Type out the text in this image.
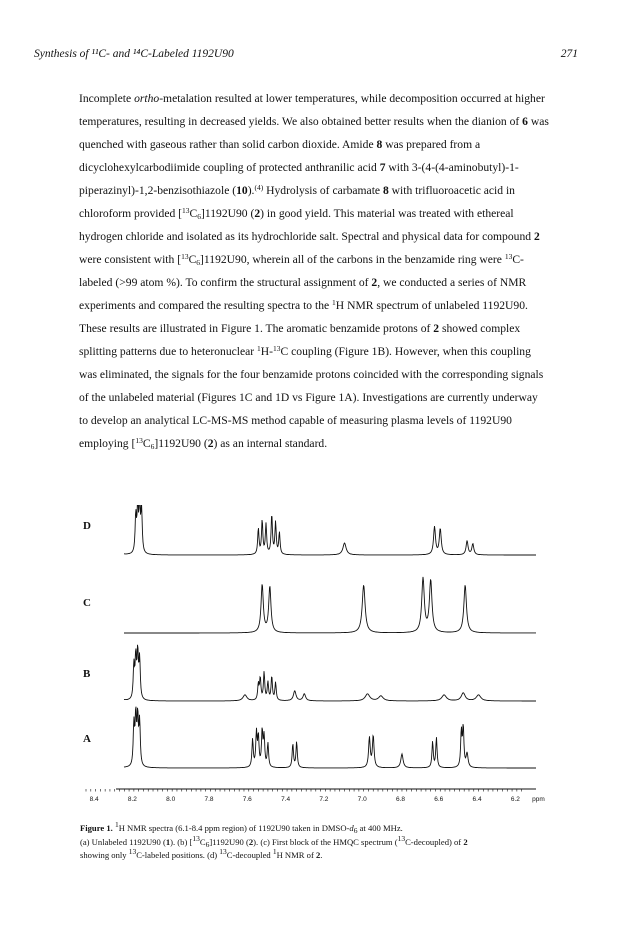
Synthesis of ¹¹C- and ¹⁴C-Labeled 1192U90	271

Incomplete ortho-metalation resulted at lower temperatures, while decomposition occurred at higher temperatures, resulting in decreased yields. We also obtained better results when the dianion of 6 was quenched with gaseous rather than solid carbon dioxide. Amide 8 was prepared from a dicyclohexylcarbodiimide coupling of protected anthranilic acid 7 with 3-(4-(4-aminobutyl)-1-piperazinyl)-1,2-benzisothiazole (10).$^{(4)}$ Hydrolysis of carbamate 8 with trifluoroacetic acid in chloroform provided $[^{13}C_6]1192U90$ (2) in good yield. This material was treated with ethereal hydrogen chloride and isolated as its hydrochloride salt. Spectral and physical data for compound 2 were consistent with $[^{13}C_6]1192U90$, wherein all of the carbons in the benzamide ring were $^{13}$C-labeled (>99 atom %). To confirm the structural assignment of 2, we conducted a series of NMR experiments and compared the resulting spectra to the $^1$H NMR spectrum of unlabeled 1192U90. These results are illustrated in Figure 1. The aromatic benzamide protons of 2 showed complex splitting patterns due to heteronuclear $^1$H-$^{13}$C coupling (Figure 1B). However, when this coupling was eliminated, the signals for the four benzamide protons coincided with the corresponding signals of the unlabeled material (Figures 1C and 1D vs Figure 1A). Investigations are currently underway to develop an analytical LC-MS-MS method capable of measuring plasma levels of 1192U90 employing $[^{13}C_6]1192U90$ (2) as an internal standard.

D
C
B
A
8.4	8.2	8.0	7.8	7.6	7.4	7.2	7.0	6.8	6.6	6.4	6.2 ppm

Figure 1. $^1$H NMR spectra (6.1-8.4 ppm region) of 1192U90 taken in DMSO-$d_6$ at 400 MHz.

(a) Unlabeled 1192U90 (1). (b) $[^{13}C_6]1192U90$ (2). (c) First block of the HMQC spectrum ($^{13}$C-decoupled) of 2

showing only $^{13}$C-labeled positions. (d) $^{13}$C-decoupled $^1$H NMR of 2.
